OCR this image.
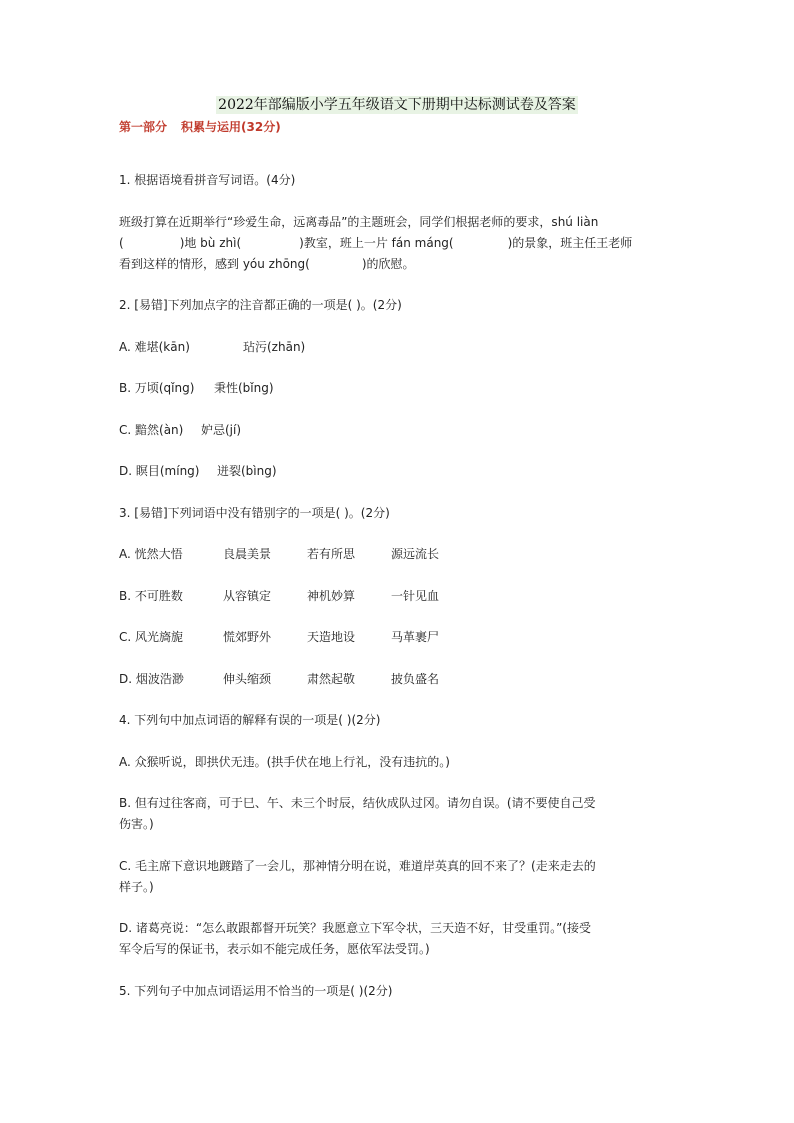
2022年部编版小学五年级语文下册期中达标测试卷及答案
第一部分 积累与运用(32分)
1. 根据语境看拼音写词语。(4分)
班级打算在近期举行“珍爱生命，远离毒品”的主题班会，同学们根据老师的要求，shú liàn
(	)地 bù zhì(	)教室，班上一片 fán máng(	)的景象，班主任王老师
看到这样的情形，感到 yóu zhōng(	)的欣慰。
2. [易错]下列加点字的注音都正确的一项是( )。(2分)
A. 难堪(kān)	玷污(zhān)
B. 万顷(qǐng) 秉性(bǐng)
C. 黯然(àn) 妒忌(jí)
D. 瞑目(míng) 迸裂(bìng)
3. [易错]下列词语中没有错别字的一项是( )。(2分)
A. 恍然大悟	良晨美景	若有所思	源远流长
B. 不可胜数	从容镇定	神机妙算	一针见血
C. 风光旖旎	慌郊野外	天造地设	马革裹尸
D. 烟波浩渺	伸头缩颈	肃然起敬	披负盛名
4. 下列句中加点词语的解释有误的一项是( )(2分)
A. 众猴听说，即拱伏无违。(拱手伏在地上行礼，没有违抗的。)
B. 但有过往客商，可于巳、午、未三个时辰，结伙成队过冈。请勿自误。(请不要使自己受
伤害。)
C. 毛主席下意识地踱踏了一会儿，那神情分明在说，难道岸英真的回不来了？(走来走去的
样子。)
D. 诸葛亮说：“怎么敢跟都督开玩笑？我愿意立下军令状，三天造不好，甘受重罚。”(接受
军令后写的保证书，表示如不能完成任务，愿依军法受罚。)
5. 下列句子中加点词语运用不恰当的一项是( )(2分)
